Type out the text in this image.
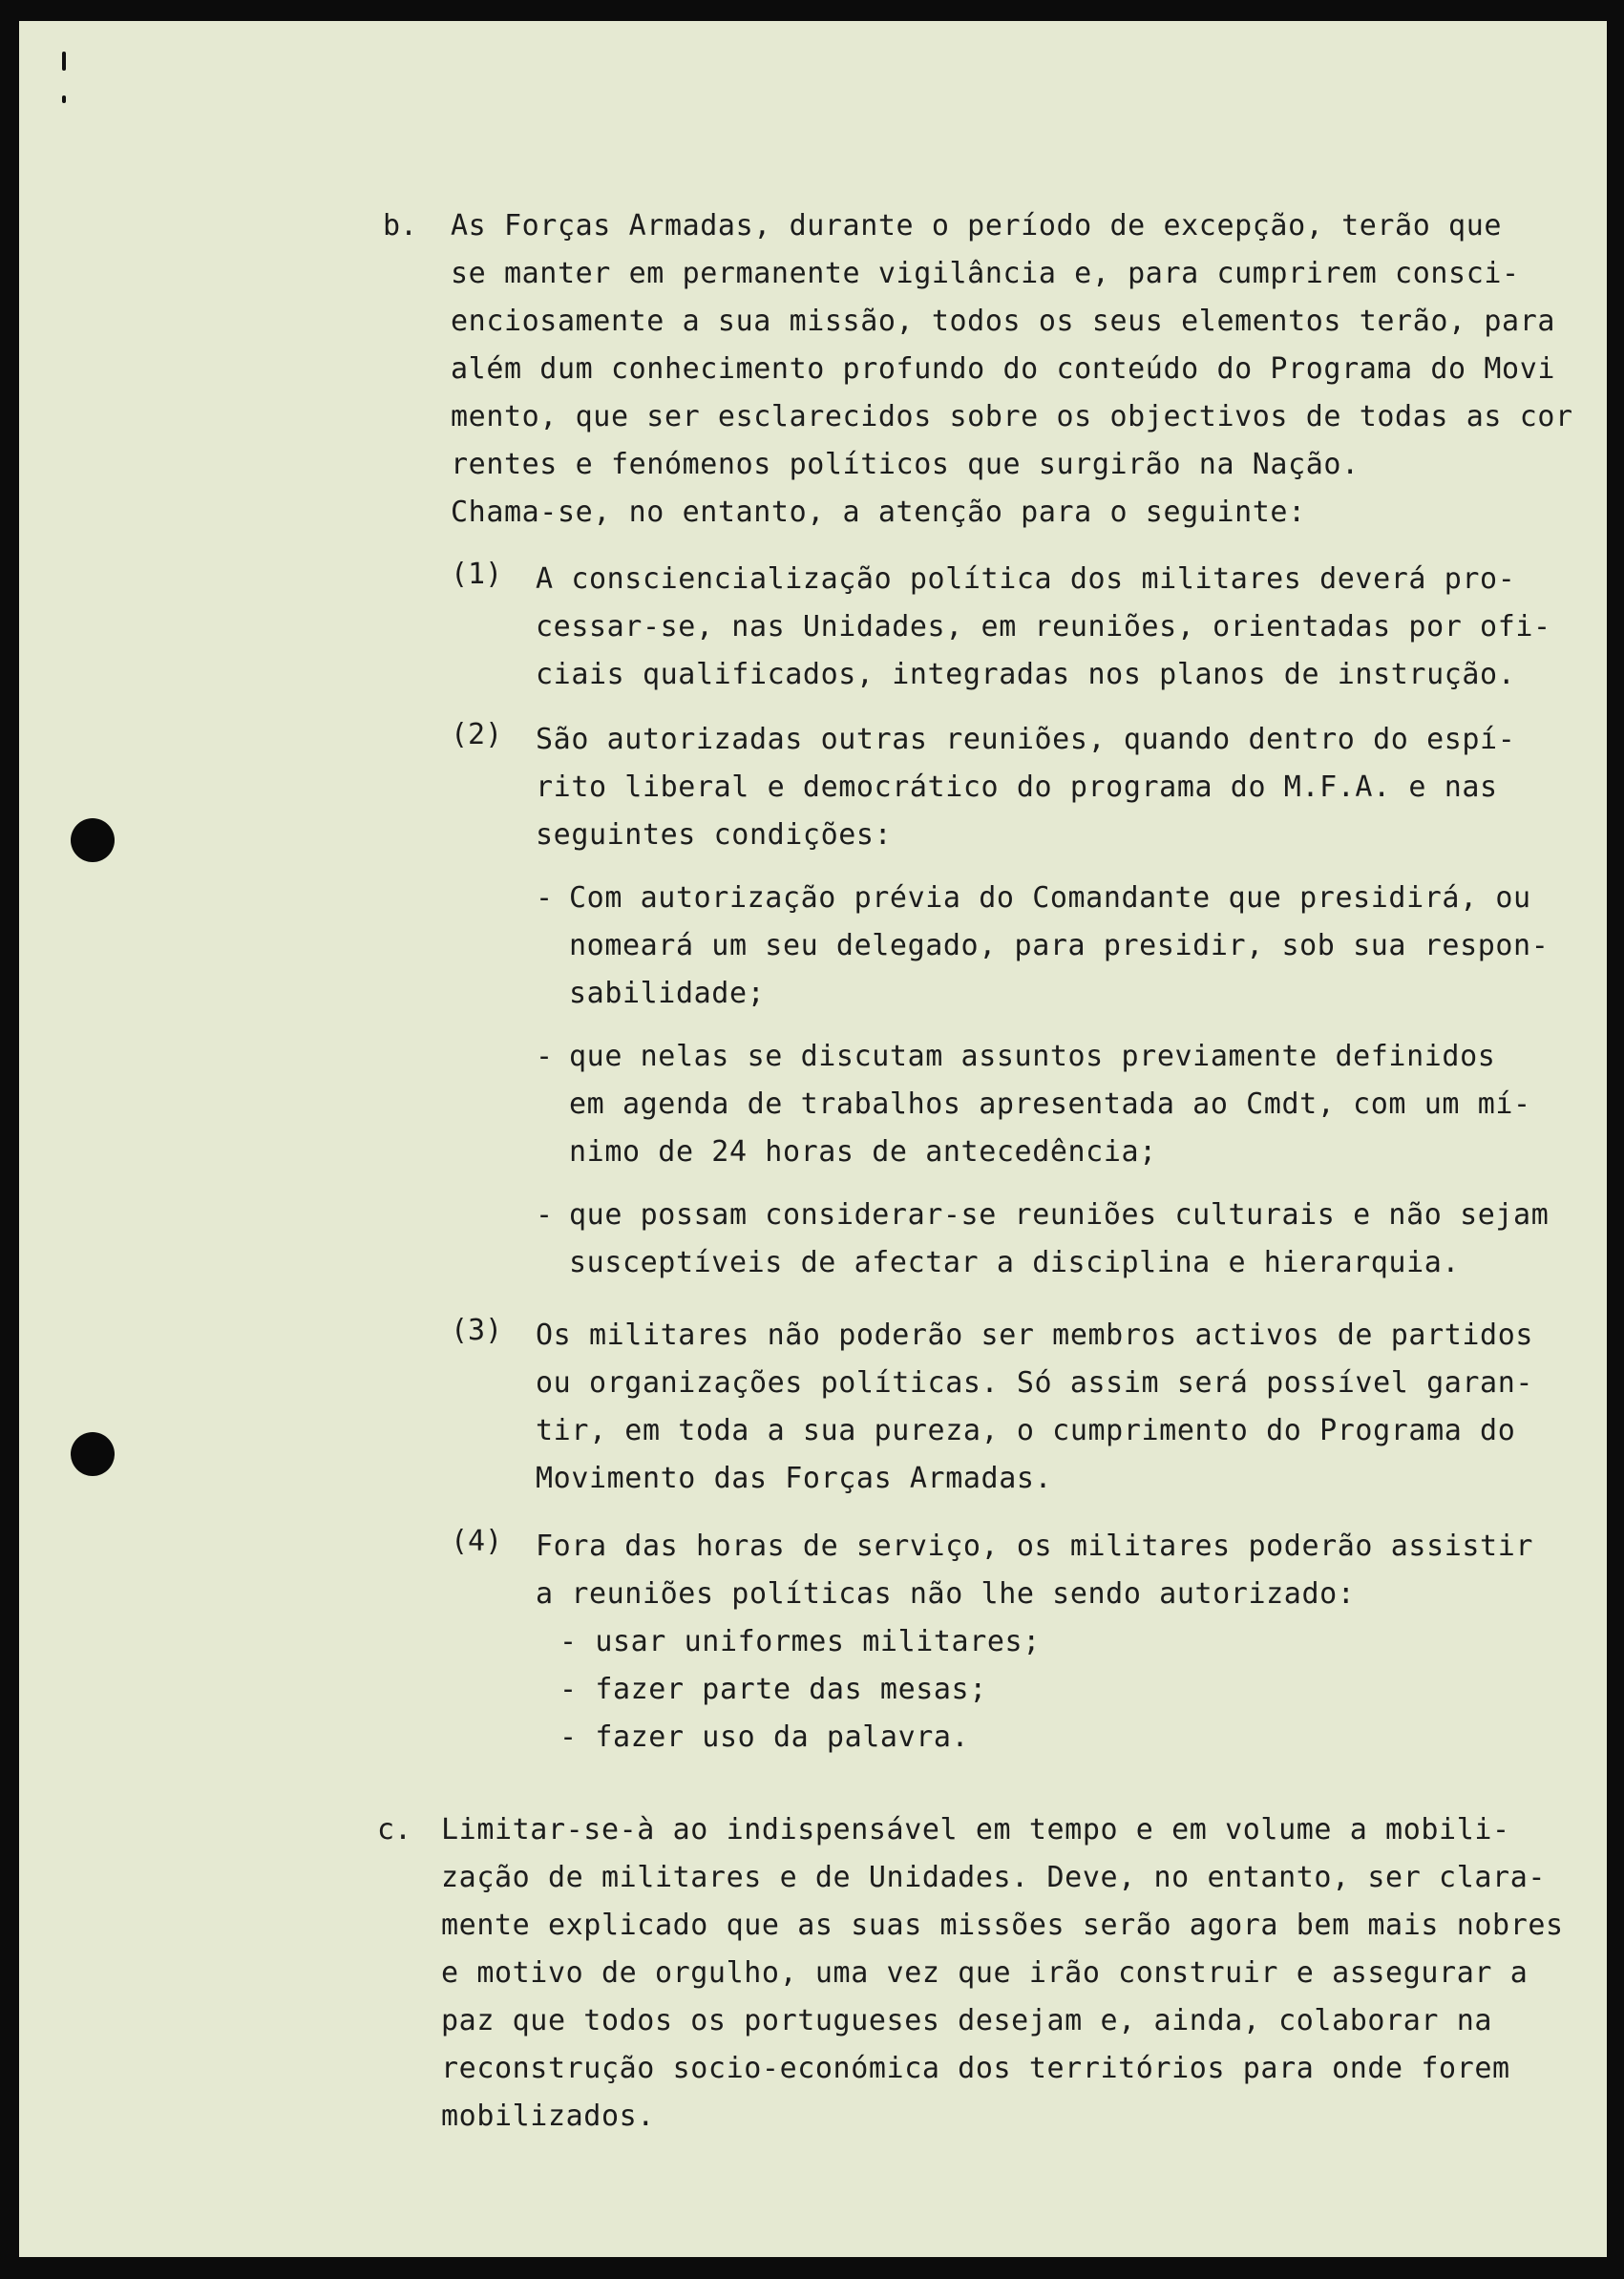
b. As Forças Armadas, durante o período de excepção, terão que
se manter em permanente vigilância e, para cumprirem consci-
enciosamente a sua missão, todos os seus elementos terão, para
além dum conhecimento profundo do conteúdo do Programa do Movi
mento, que ser esclarecidos sobre os objectivos de todas as cor
rentes e fenómenos políticos que surgirão na Nação.
Chama-se, no entanto, a atenção para o seguinte:
(1) A consciencialização política dos militares deverá pro-
cessar-se, nas Unidades, em reuniões, orientadas por ofi-
ciais qualificados, integradas nos planos de instrução.
(2) São autorizadas outras reuniões, quando dentro do espí-
rito liberal e democrático do programa do M.F.A. e nas
seguintes condições:
- Com autorização prévia do Comandante que presidirá, ou
nomeará um seu delegado, para presidir, sob sua respon-
sabilidade;
- que nelas se discutam assuntos previamente definidos
em agenda de trabalhos apresentada ao Cmdt, com um mí-
nimo de 24 horas de antecedência;
- que possam considerar-se reuniões culturais e não sejam
susceptíveis de afectar a disciplina e hierarquia.
(3) Os militares não poderão ser membros activos de partidos
ou organizações políticas. Só assim será possível garan-
tir, em toda a sua pureza, o cumprimento do Programa do
Movimento das Forças Armadas.
(4) Fora das horas de serviço, os militares poderão assistir
a reuniões políticas não lhe sendo autorizado:
- usar uniformes militares;
- fazer parte das mesas;
- fazer uso da palavra.
c. Limitar-se-à ao indispensável em tempo e em volume a mobili-
zação de militares e de Unidades. Deve, no entanto, ser clara-
mente explicado que as suas missões serão agora bem mais nobres
e motivo de orgulho, uma vez que irão construir e assegurar a
paz que todos os portugueses desejam e, ainda, colaborar na
reconstrução socio-económica dos territórios para onde forem
mobilizados.
